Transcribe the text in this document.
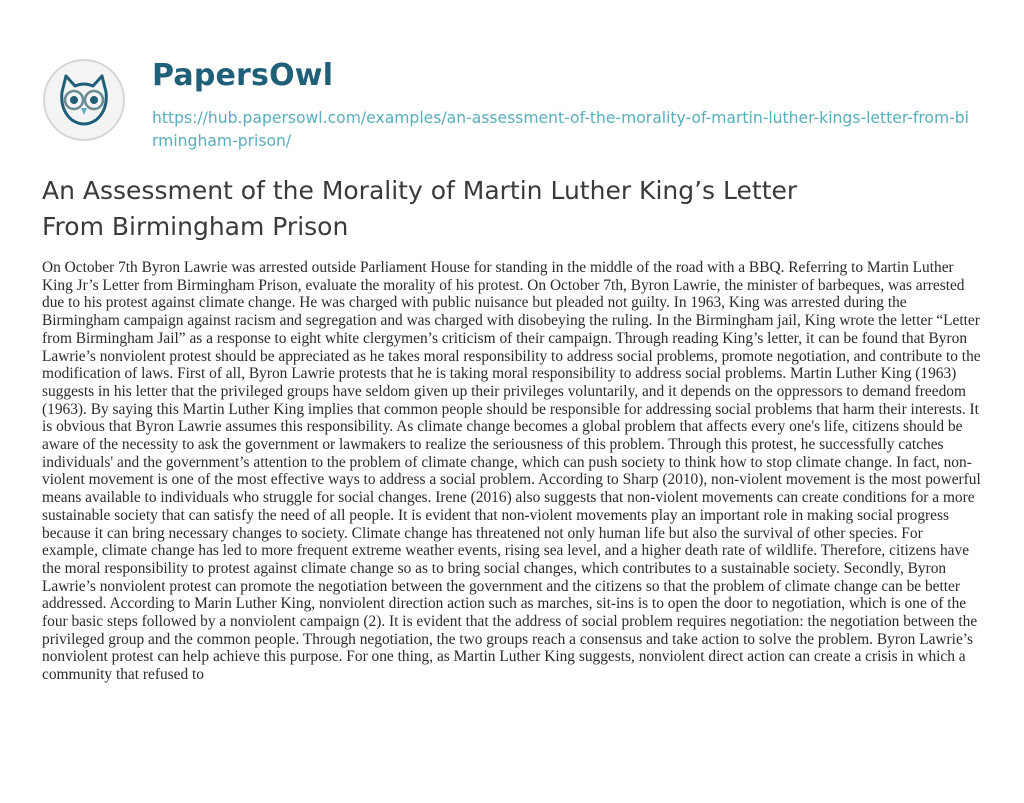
PapersOwl
https://hub.papersowl.com/examples/an-assessment-of-the-morality-of-martin-luther-kings-letter-from-birmingham-prison/
An Assessment of the Morality of Martin Luther King’s Letter From Birmingham Prison

On October 7th Byron Lawrie was arrested outside Parliament House for standing in the middle of the road with a BBQ. Referring to Martin Luther King Jr’s Letter from Birmingham Prison, evaluate the morality of his protest. On October 7th, Byron Lawrie, the minister of barbeques, was arrested due to his protest against climate change. He was charged with public nuisance but pleaded not guilty. In 1963, King was arrested during the Birmingham campaign against racism and segregation and was charged with disobeying the ruling. In the Birmingham jail, King wrote the letter “Letter from Birmingham Jail” as a response to eight white clergymen’s criticism of their campaign. Through reading King’s letter, it can be found that Byron Lawrie’s nonviolent protest should be appreciated as he takes moral responsibility to address social problems, promote negotiation, and contribute to the modification of laws. First of all, Byron Lawrie protests that he is taking moral responsibility to address social problems. Martin Luther King (1963) suggests in his letter that the privileged groups have seldom given up their privileges voluntarily, and it depends on the oppressors to demand freedom (1963). By saying this Martin Luther King implies that common people should be responsible for addressing social problems that harm their interests. It is obvious that Byron Lawrie assumes this responsibility. As climate change becomes a global problem that affects every one's life, citizens should be aware of the necessity to ask the government or lawmakers to realize the seriousness of this problem. Through this protest, he successfully catches individuals' and the government’s attention to the problem of climate change, which can push society to think how to stop climate change. In fact, non-violent movement is one of the most effective ways to address a social problem. According to Sharp (2010), non-violent movement is the most powerful means available to individuals who struggle for social changes. Irene (2016) also suggests that non-violent movements can create conditions for a more sustainable society that can satisfy the need of all people. It is evident that non-violent movements play an important role in making social progress because it can bring necessary changes to society. Climate change has threatened not only human life but also the survival of other species. For example, climate change has led to more frequent extreme weather events, rising sea level, and a higher death rate of wildlife. Therefore, citizens have the moral responsibility to protest against climate change so as to bring social changes, which contributes to a sustainable society. Secondly, Byron Lawrie’s nonviolent protest can promote the negotiation between the government and the citizens so that the problem of climate change can be better addressed. According to Marin Luther King, nonviolent direction action such as marches, sit-ins is to open the door to negotiation, which is one of the four basic steps followed by a nonviolent campaign (2). It is evident that the address of social problem requires negotiation: the negotiation between the privileged group and the common people. Through negotiation, the two groups reach a consensus and take action to solve the problem. Byron Lawrie’s nonviolent protest can help achieve this purpose. For one thing, as Martin Luther King suggests, nonviolent direct action can create a crisis in which a community that refused to
